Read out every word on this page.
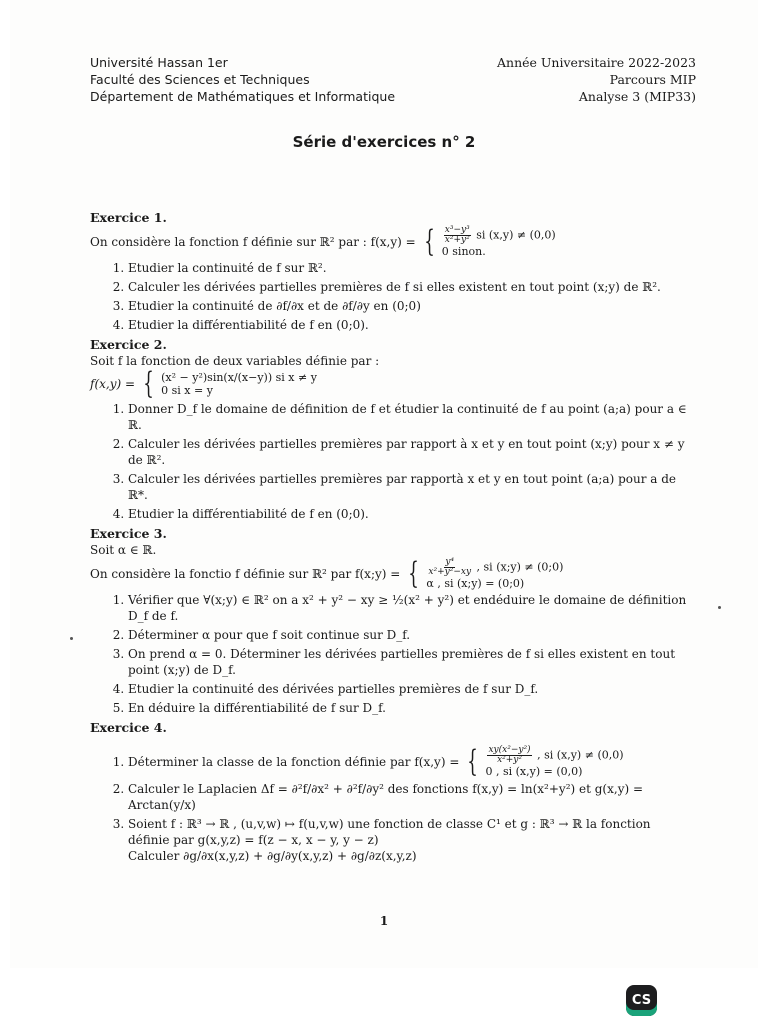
Université Hassan 1er
Faculté des Sciences et Techniques
Département de Mathématiques et Informatique
Année Universitaire 2022-2023
Parcours MIP
Analyse 3 (MIP33)
Série d'exercices n° 2
Exercice 1.
On considère la fonction f définie sur ℝ² par : f(x,y) = { $\frac{\text{x³−y³}}{\text{x²+y²}}$ si (x,y) ≠ (0,0)
0 sinon.
1. Etudier la continuité de f sur ℝ².
2. Calculer les dérivées partielles premières de f si elles existent en tout point (x;y) de ℝ².
3. Etudier la continuité de ∂f/∂x et de ∂f/∂y en (0;0)
4. Etudier la différentiabilité de f en (0;0).
Exercice 2.
Soit f la fonction de deux variables définie par :
f(x,y) = { (x² − y²)sin(x/(x−y)) si x ≠ y
0 si x = y
1. Donner D_f le domaine de définition de f et étudier la continuité de f au point (a;a) pour a ∈ ℝ.
2. Calculer les dérivées partielles premières par rapport à x et y en tout point (x;y) pour x ≠ y de ℝ².
3. Calculer les dérivées partielles premières par rapportà x et y en tout point (a;a) pour a de ℝ*.
4. Etudier la différentiabilité de f en (0;0).
Exercice 3.
Soit α ∈ ℝ.
On considère la fonctio f définie sur ℝ² par f(x;y) = { $\frac{\text{y⁴}}{\text{x²+y²−xy}}$ , si (x;y) ≠ (0;0)
α , si (x;y) = (0;0)
1. Vérifier que ∀(x;y) ∈ ℝ² on a x² + y² − xy ≥ ½(x² + y²) et endéduire le domaine de définition D_f de f.
2. Déterminer α pour que f soit continue sur D_f.
3. On prend α = 0. Déterminer les dérivées partielles premières de f si elles existent en tout point (x;y) de D_f.
4. Etudier la continuité des dérivées partielles premières de f sur D_f.
5. En déduire la différentiabilité de f sur D_f.
Exercice 4.
1. Déterminer la classe de la fonction définie par f(x,y) = { $\frac{\text{xy(x²−y²)}}{\text{x²+y²}}$ , si (x,y) ≠ (0,0)
0 , si (x,y) = (0,0)
2. Calculer le Laplacien Δf = ∂²f/∂x² + ∂²f/∂y² des fonctions f(x,y) = ln(x²+y²) et g(x,y) = Arctan(y/x)
3. Soient f : ℝ³ → ℝ , (u,v,w) ↦ f(u,v,w) une fonction de classe C¹ et g : ℝ³ → ℝ la fonction
définie par g(x,y,z) = f(z − x, x − y, y − z)
Calculer ∂g/∂x(x,y,z) + ∂g/∂y(x,y,z) + ∂g/∂z(x,y,z)
1
CS
